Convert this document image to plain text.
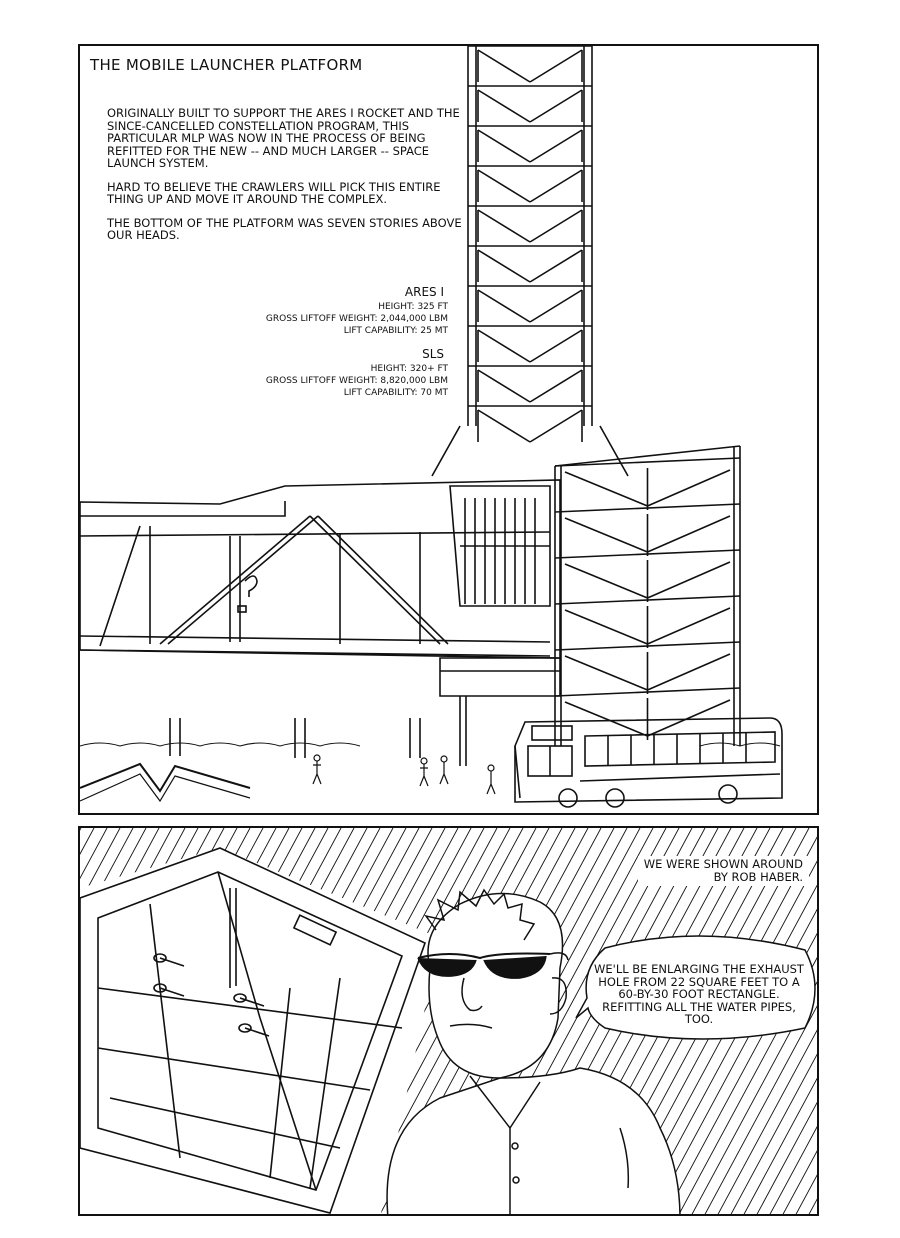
THE MOBILE LAUNCHER PLATFORM

ORIGINALLY BUILT TO SUPPORT THE ARES I ROCKET AND THE SINCE-CANCELLED CONSTELLATION PROGRAM, THIS PARTICULAR MLP WAS NOW IN THE PROCESS OF BEING REFITTED FOR THE NEW -- AND MUCH LARGER -- SPACE LAUNCH SYSTEM.

HARD TO BELIEVE THE CRAWLERS WILL PICK THIS ENTIRE THING UP AND MOVE IT AROUND THE COMPLEX.

THE BOTTOM OF THE PLATFORM WAS SEVEN STORIES ABOVE OUR HEADS.

ARES I
HEIGHT: 325 FT
GROSS LIFTOFF WEIGHT: 2,044,000 LBM
LIFT CAPABILITY: 25 MT
SLS
HEIGHT: 320+ FT
GROSS LIFTOFF WEIGHT: 8,820,000 LBM
LIFT CAPABILITY: 70 MT
WE WERE SHOWN AROUND
BY ROB HABER.
WE'LL BE ENLARGING THE EXHAUST HOLE FROM 22 SQUARE FEET TO A 60-BY-30 FOOT RECTANGLE. REFITTING ALL THE WATER PIPES, TOO.
